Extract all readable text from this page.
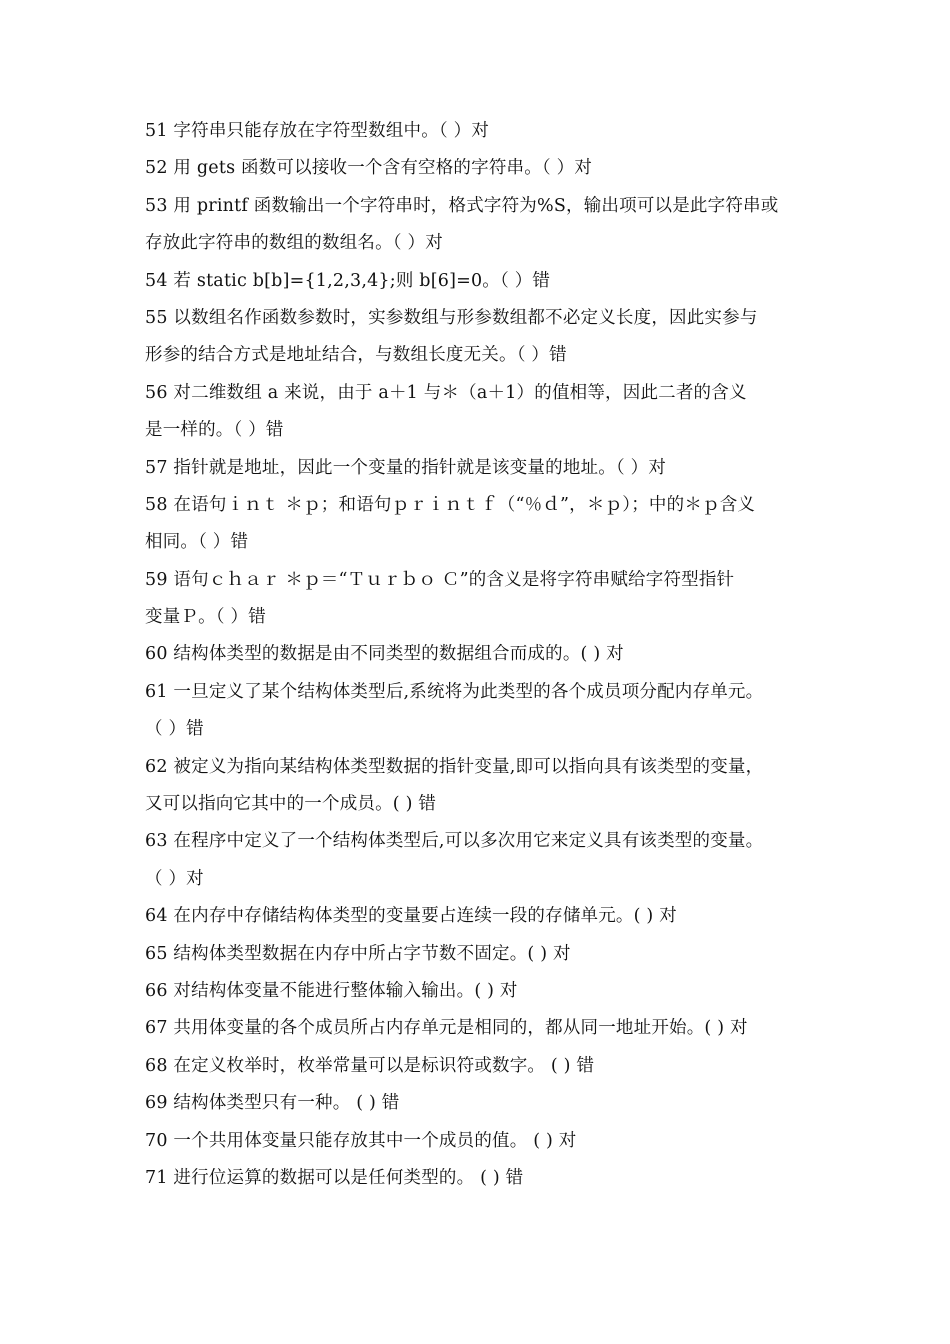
51 字符串只能存放在字符型数组中。（ ）对
52 用 gets 函数可以接收一个含有空格的字符串。（ ）对
53 用 printf 函数输出一个字符串时，格式字符为%S，输出项可以是此字符串或
存放此字符串的数组的数组名。（ ）对
54 若 static b[b]={1,2,3,4};则 b[6]=0。（ ）错
55 以数组名作函数参数时，实参数组与形参数组都不必定义长度，因此实参与
形参的结合方式是地址结合，与数组长度无关。（ ）错
56 对二维数组 a 来说，由于 a＋1 与＊（a＋1）的值相等，因此二者的含义
是一样的。（ ）错
57 指针就是地址，因此一个变量的指针就是该变量的地址。（ ）对
58 在语句ｉｎｔ ＊ｐ；和语句ｐｒｉｎｔｆ（“％ｄ”，＊ｐ）；中的＊ｐ含义
相同。（ ）错
59 语句ｃｈａｒ ＊ｐ＝“Ｔｕｒｂｏ Ｃ”的含义是将字符串赋给字符型指针
变量Ｐ。（ ）错
60 结构体类型的数据是由不同类型的数据组合而成的。( ) 对
61 一旦定义了某个结构体类型后,系统将为此类型的各个成员项分配内存单元。
（ ）错
62 被定义为指向某结构体类型数据的指针变量,即可以指向具有该类型的变量，
又可以指向它其中的一个成员。( ) 错
63 在程序中定义了一个结构体类型后,可以多次用它来定义具有该类型的变量。
（ ）对
64 在内存中存储结构体类型的变量要占连续一段的存储单元。( ) 对
65 结构体类型数据在内存中所占字节数不固定。( ) 对
66 对结构体变量不能进行整体输入输出。( ) 对
67 共用体变量的各个成员所占内存单元是相同的，都从同一地址开始。( ) 对
68 在定义枚举时，枚举常量可以是标识符或数字。 ( ) 错
69 结构体类型只有一种。 ( ) 错
70 一个共用体变量只能存放其中一个成员的值。 ( ) 对
71 进行位运算的数据可以是任何类型的。 ( ) 错
